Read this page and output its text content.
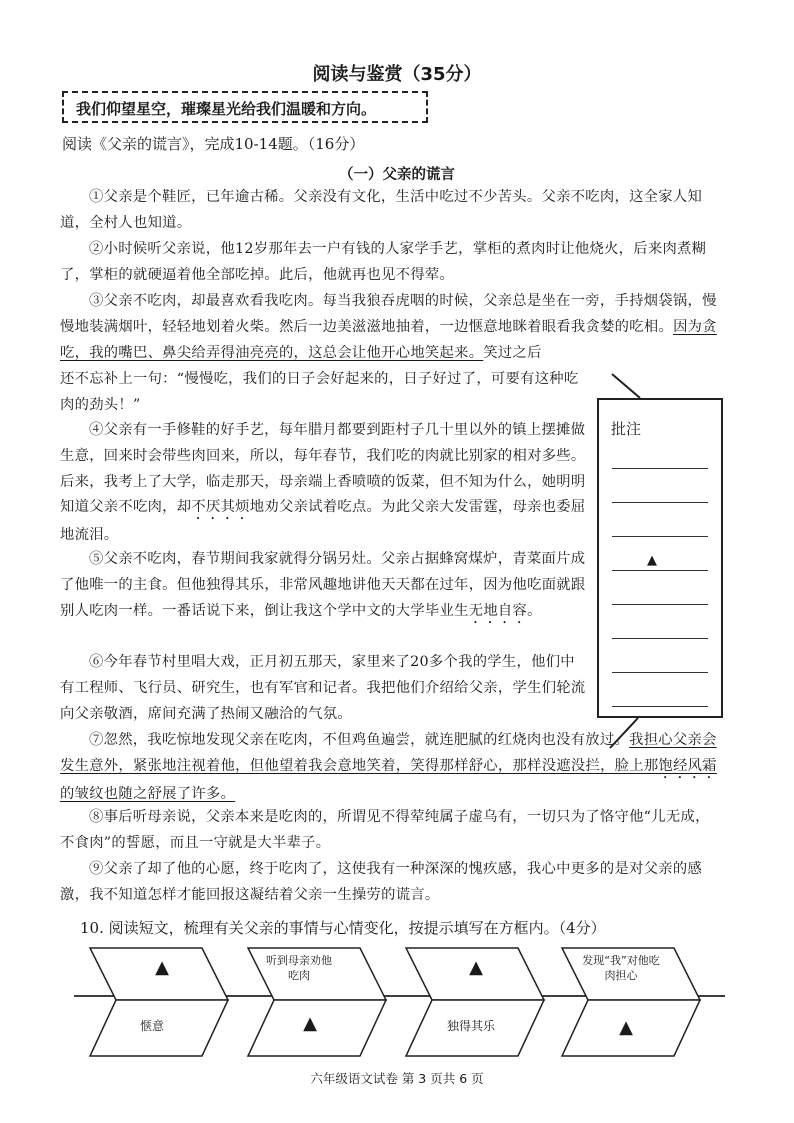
阅读与鉴赏（35分）
我们仰望星空，璀璨星光给我们温暖和方向。
阅读《父亲的谎言》，完成10-14题。（16分）
（一）父亲的谎言
①父亲是个鞋匠，已年逾古稀。父亲没有文化，生活中吃过不少苦头。父亲不吃肉，这全家人知道，全村人也知道。
②小时候听父亲说，他12岁那年去一户有钱的人家学手艺，掌柜的煮肉时让他烧火，后来肉煮糊了，掌柜的就硬逼着他全部吃掉。此后，他就再也见不得荤。
③父亲不吃肉，却最喜欢看我吃肉。每当我狼吞虎咽的时候，父亲总是坐在一旁，手持烟袋锅，慢慢地装满烟叶，轻轻地划着火柴。然后一边美滋滋地抽着，一边惬意地眯着眼看我贪婪的吃相。因为贪吃，我的嘴巴、鼻尖给弄得油亮亮的，这总会让他开心地笑起来。笑过之后
还不忘补上一句：“慢慢吃，我们的日子会好起来的，日子好过了，可要有这种吃肉的劲头！”
④父亲有一手修鞋的好手艺，每年腊月都要到距村子几十里以外的镇上摆摊做生意，回来时会带些肉回来，所以，每年春节，我们吃的肉就比别家的相对多些。后来，我考上了大学，临走那天，母亲端上香喷喷的饭菜，但不知为什么，她明明知道父亲不吃肉，却不厌其烦地劝父亲试着吃点。为此父亲大发雷霆，母亲也委屈地流泪。
⑤父亲不吃肉，春节期间我家就得分锅另灶。父亲占据蜂窝煤炉，青菜面片成了他唯一的主食。但他独得其乐，非常风趣地讲他天天都在过年，因为他吃面就跟别人吃肉一样。一番话说下来，倒让我这个学中文的大学毕业生无地自容。
⑥今年春节村里唱大戏，正月初五那天，家里来了20多个我的学生，他们中有工程师、飞行员、研究生，也有军官和记者。我把他们介绍给父亲，学生们轮流向父亲敬酒，席间充满了热闹又融洽的气氛。
⑦忽然，我吃惊地发现父亲在吃肉，不但鸡鱼遍尝，就连肥腻的红烧肉也没有放过。我担心父亲会发生意外，紧张地注视着他，但他望着我会意地笑着，笑得那样舒心，那样没遮没拦，脸上那饱经风霜的皱纹也随之舒展了许多。
⑧事后听母亲说，父亲本来是吃肉的，所谓见不得荤纯属子虚乌有，一切只为了恪守他“儿无成，不食肉”的誓愿，而且一守就是大半辈子。
⑨父亲了却了他的心愿，终于吃肉了，这使我有一种深深的愧疚感，我心中更多的是对父亲的感激，我不知道怎样才能回报这凝结着父亲一生操劳的谎言。
批注
▲
10. 阅读短文，梳理有关父亲的事情与心情变化，按提示填写在方框内。（4分）
▲	听到母亲劝他吃肉	▲	发现“我”对他吃肉担心
惬意	▲	独得其乐	▲
六年级语文试卷 第 3 页共 6 页
